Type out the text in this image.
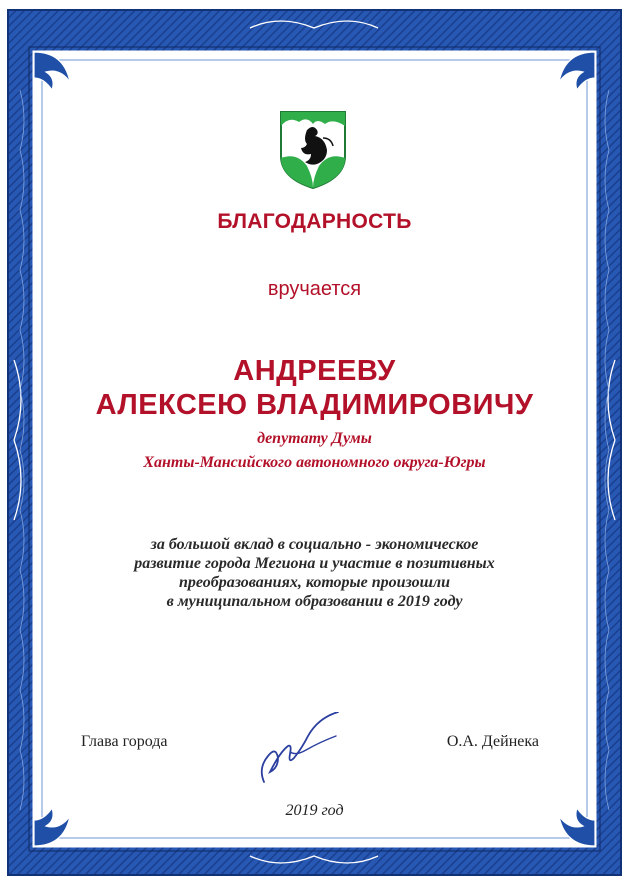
БЛАГОДАРНОСТЬ
вручается
АНДРЕЕВУ
АЛЕКСЕЮ ВЛАДИМИРОВИЧУ
депутату Думы
Ханты-Мансийского автономного округа-Югры
за большой вклад в социально - экономическое
развитие города Мегиона и участие в позитивных
преобразованиях, которые произошли
в муниципальном образовании в 2019 году
Глава города	О.А. Дейнека
2019 год
